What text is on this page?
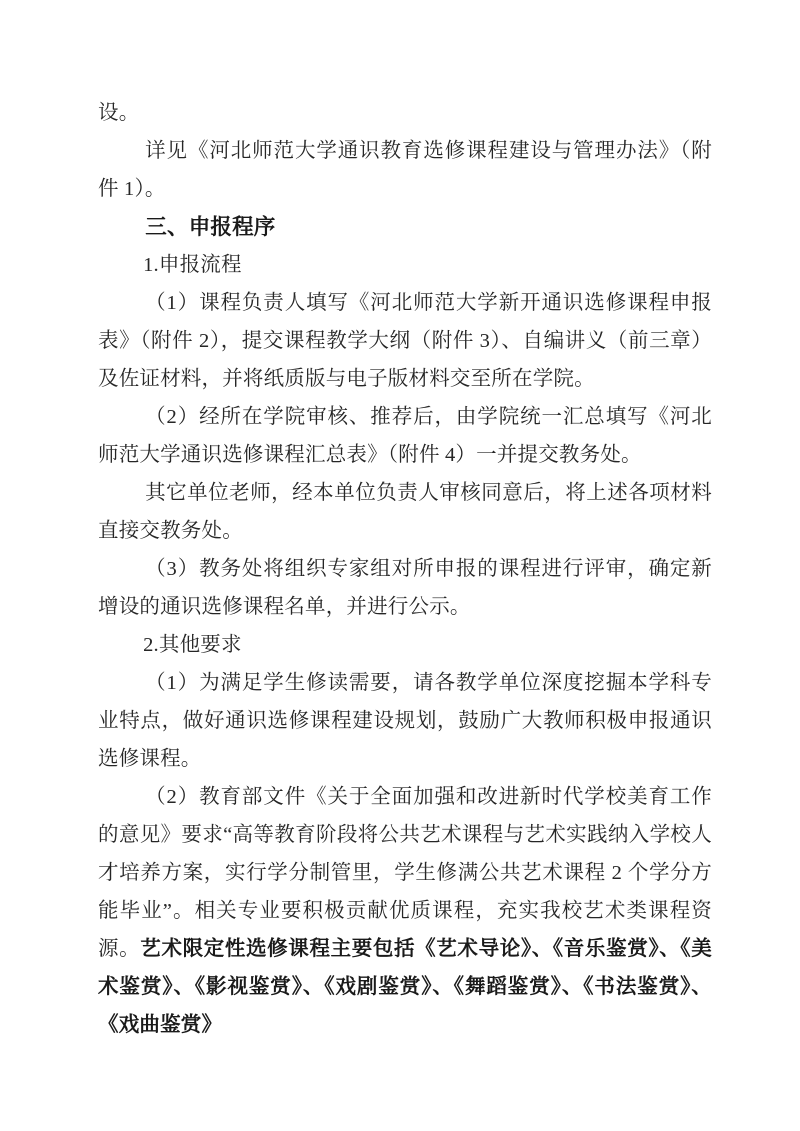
设。

详见《河北师范大学通识教育选修课程建设与管理办法》（附件 1）。

三、申报程序

1.申报流程

（1）课程负责人填写《河北师范大学新开通识选修课程申报表》（附件 2），提交课程教学大纲（附件 3）、自编讲义（前三章）及佐证材料，并将纸质版与电子版材料交至所在学院。

（2）经所在学院审核、推荐后，由学院统一汇总填写《河北师范大学通识选修课程汇总表》（附件 4）一并提交教务处。

其它单位老师，经本单位负责人审核同意后，将上述各项材料直接交教务处。

（3）教务处将组织专家组对所申报的课程进行评审，确定新增设的通识选修课程名单，并进行公示。

2.其他要求

（1）为满足学生修读需要，请各教学单位深度挖掘本学科专业特点，做好通识选修课程建设规划，鼓励广大教师积极申报通识选修课程。

（2）教育部文件《关于全面加强和改进新时代学校美育工作的意见》要求“高等教育阶段将公共艺术课程与艺术实践纳入学校人才培养方案，实行学分制管里，学生修满公共艺术课程 2 个学分方能毕业”。相关专业要积极贡献优质课程，充实我校艺术类课程资源。艺术限定性选修课程主要包括《艺术导论》、《音乐鉴赏》、《美术鉴赏》、《影视鉴赏》、《戏剧鉴赏》、《舞蹈鉴赏》、《书法鉴赏》、《戏曲鉴赏》
